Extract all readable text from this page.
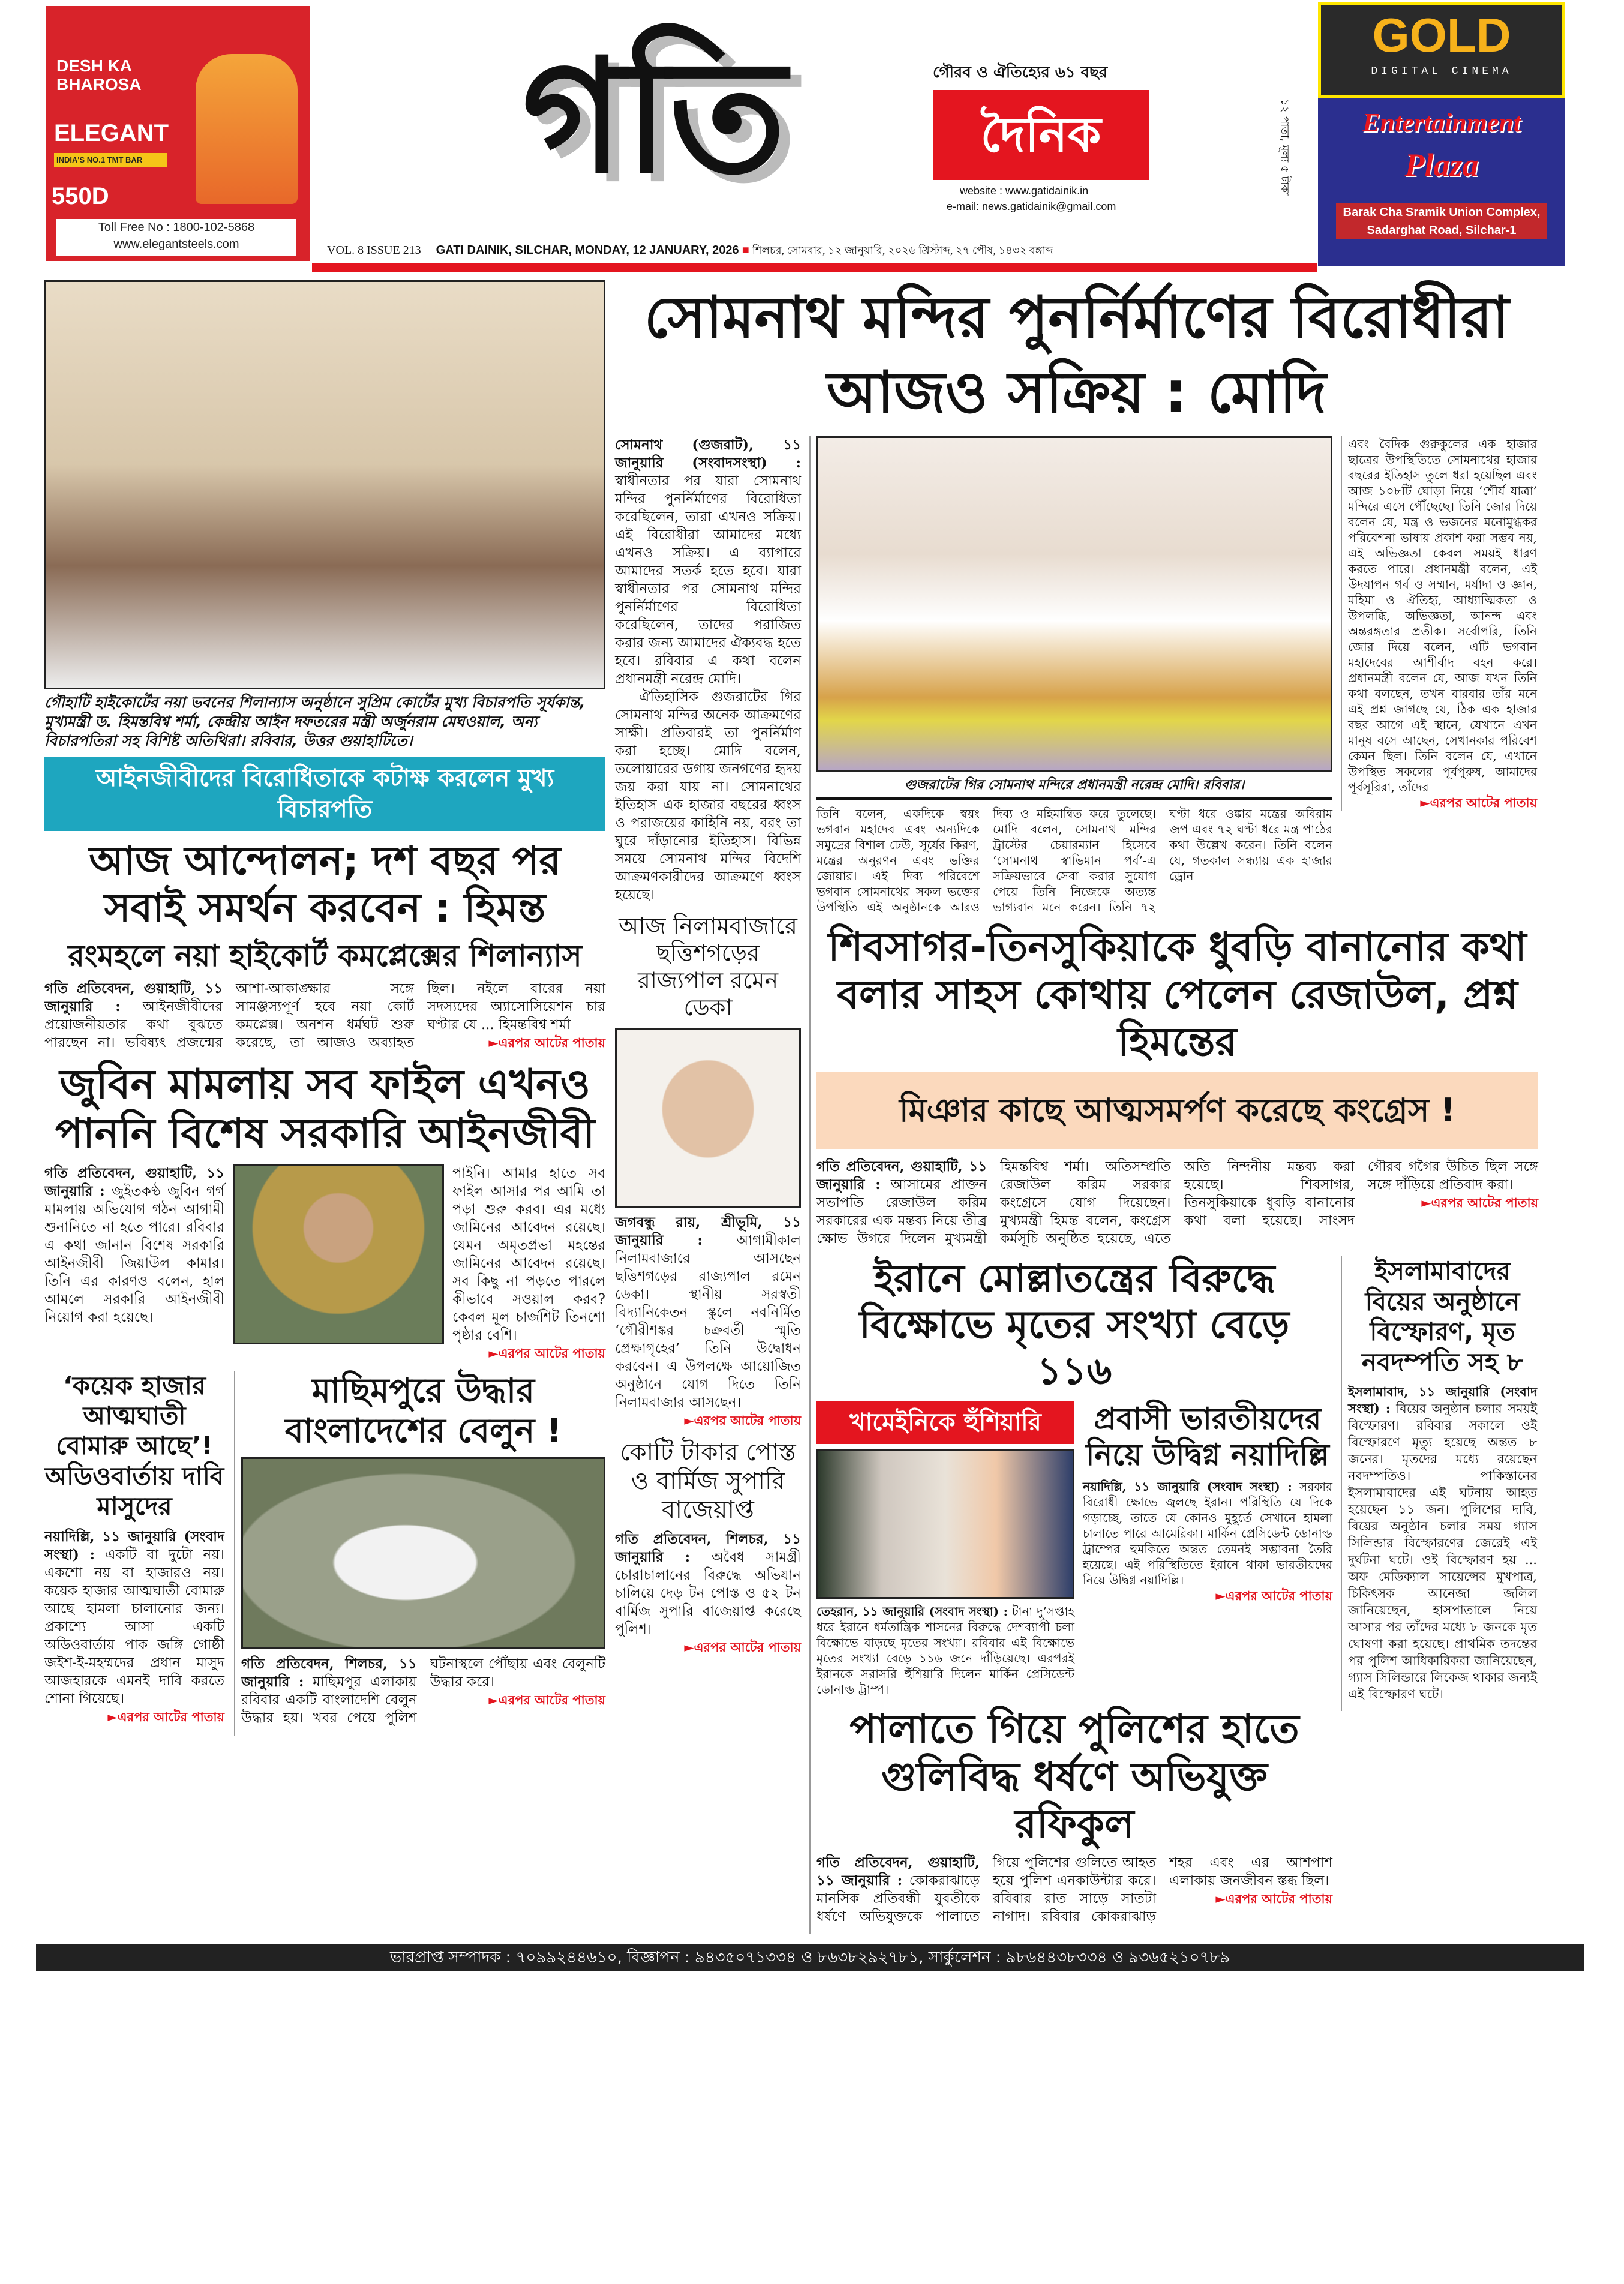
DESH KA BHAROSA
ELEGANT
INDIA'S NO.1 TMT BAR
550D
Toll Free No : 1800-102-5868
www.elegantsteels.com
গতি	গৌরব ও ঐতিহ্যের ৬১ বছর
দৈনিক
website : www.gatidainik.in
e-mail: news.gatidainik@gmail.com
১২ পাতা, মূল্য ৫ টাকা
GOLD
DIGITAL CINEMA
Entertainment
Plaza
Barak Cha Sramik Union Complex, Sadarghat Road, Silchar-1
VOL. 8 ISSUE 213 GATI DAINIK, SILCHAR, MONDAY, 12 JANUARY, 2026 ■ শিলচর, সোমবার, ১২ জানুয়ারি, ২০২৬ খ্রিস্টাব্দ, ২৭ পৌষ, ১৪৩২ বঙ্গাব্দ
গৌহাটি হাইকোর্টের নয়া ভবনের শিলান্যাস অনুষ্ঠানে সুপ্রিম কোর্টের মুখ্য বিচারপতি সূর্যকান্ত, মুখ্যমন্ত্রী ড. হিমন্তবিশ্ব শর্মা, কেন্দ্রীয় আইন দফতরের মন্ত্রী অর্জুনরাম মেঘওয়াল, অন্য বিচারপতিরা সহ বিশিষ্ট অতিথিরা। রবিবার, উত্তর গুয়াহাটিতে।
আইনজীবীদের বিরোধিতাকে কটাক্ষ করলেন মুখ্য বিচারপতি
আজ আন্দোলন; দশ বছর পর সবাই সমর্থন করবেন : হিমন্ত
রংমহলে নয়া হাইকোর্ট কমপ্লেক্সের শিলান্যাস
গতি প্রতিবেদন, গুয়াহাটি, ১১ জানুয়ারি : আইনজীবীদের প্রয়োজনীয়তার কথা বুঝতে পারছেন না। ভবিষ্যৎ প্রজন্মের আশা-আকাঙ্ক্ষার সঙ্গে সামঞ্জস্যপূর্ণ হবে নয়া কোর্ট কমপ্লেক্স। অনশন ধর্মঘট শুরু করেছে, তা আজও অব্যাহত ছিল। নইলে বারের নয়া সদস্যদের অ্যাসোসিয়েশন চার ঘণ্টার যে ... হিমন্তবিশ্ব শর্মা
►এরপর আটের পাতায়
জুবিন মামলায় সব ফাইল এখনও পাননি বিশেষ সরকারি আইনজীবী
গতি প্রতিবেদন, গুয়াহাটি, ১১ জানুয়ারি : জুইতকণ্ঠ জুবিন গর্গ মামলায় অভিযোগ গঠন আগামী শুনানিতে না হতে পারে। রবিবার এ কথা জানান বিশেষ সরকারি আইনজীবী জিয়াউল কামার। তিনি এর কারণও বলেন, হাল আমলে সরকারি আইনজীবী নিয়োগ করা হয়েছে।
পাইনি। আমার হাতে সব ফাইল আসার পর আমি তা পড়া শুরু করব। এর মধ্যে জামিনের আবেদন রয়েছে। যেমন অমৃতপ্রভা মহন্তের জামিনের আবেদন রয়েছে। সব কিছু না পড়তে পারলে কীভাবে সওয়াল করব? কেবল মূল চার্জশিট তিনশো পৃষ্ঠার বেশি।
►এরপর আটের পাতায়
‘কয়েক হাজার আত্মঘাতী বোমারু আছে’! অডিওবার্তায় দাবি মাসুদের
নয়াদিল্লি, ১১ জানুয়ারি (সংবাদ সংস্থা) : একটি বা দুটো নয়। একশো নয় বা হাজারও নয়। কয়েক হাজার আত্মঘাতী বোমারু আছে হামলা চালানোর জন্য। প্রকাশ্যে আসা একটি অডিওবার্তায় পাক জঙ্গি গোষ্ঠী জইশ-ই-মহম্মদের প্রধান মাসুদ আজহারকে এমনই দাবি করতে শোনা গিয়েছে।
►এরপর আটের পাতায়
মাছিমপুরে উদ্ধার বাংলাদেশের বেলুন !
গতি প্রতিবেদন, শিলচর, ১১ জানুয়ারি : মাছিমপুর এলাকায় রবিবার একটি বাংলাদেশি বেলুন উদ্ধার হয়। খবর পেয়ে পুলিশ ঘটনাস্থলে পৌঁছায় এবং বেলুনটি উদ্ধার করে।
►এরপর আটের পাতায়
সোমনাথ মন্দির পুনর্নির্মাণের বিরোধীরা আজও সক্রিয় : মোদি
সোমনাথ (গুজরাট), ১১ জানুয়ারি (সংবাদসংস্থা) : স্বাধীনতার পর যারা সোমনাথ মন্দির পুনর্নির্মাণের বিরোধিতা করেছিলেন, তারা এখনও সক্রিয়। এই বিরোধীরা আমাদের মধ্যে এখনও সক্রিয়। এ ব্যাপারে আমাদের সতর্ক হতে হবে। যারা স্বাধীনতার পর সোমনাথ মন্দির পুনর্নির্মাণের বিরোধিতা করেছিলেন, তাদের পরাজিত করার জন্য আমাদের ঐক্যবদ্ধ হতে হবে। রবিবার এ কথা বলেন প্রধানমন্ত্রী নরেন্দ্র মোদি।
ঐতিহাসিক গুজরাটের গির সোমনাথ মন্দির অনেক আক্রমণের সাক্ষী। প্রতিবারই তা পুনর্নির্মাণ করা হচ্ছে। মোদি বলেন, তলোয়ারের ডগায় জনগণের হৃদয় জয় করা যায় না। সোমনাথের ইতিহাস এক হাজার বছরের ধ্বংস ও পরাজয়ের কাহিনি নয়, বরং তা ঘুরে দাঁড়ানোর ইতিহাস। বিভিন্ন সময়ে সোমনাথ মন্দির বিদেশি আক্রমণকারীদের আক্রমণে ধ্বংস হয়েছে।
আজ নিলামবাজারে ছত্তিশগড়ের রাজ্যপাল রমেন ডেকা
জগবন্ধু রায়, শ্রীভূমি, ১১ জানুয়ারি : আগামীকাল নিলামবাজারে আসছেন ছত্তিশগড়ের রাজ্যপাল রমেন ডেকা। স্থানীয় সরস্বতী বিদ্যানিকেতন স্কুলে নবনির্মিত ‘গৌরীশঙ্কর চক্রবর্তী স্মৃতি প্রেক্ষাগৃহের’ তিনি উদ্বোধন করবেন। এ উপলক্ষে আয়োজিত অনুষ্ঠানে যোগ দিতে তিনি নিলামবাজার আসছেন।
►এরপর আটের পাতায়
কোটি টাকার পোস্ত ও বার্মিজ সুপারি বাজেয়াপ্ত
গতি প্রতিবেদন, শিলচর, ১১ জানুয়ারি : অবৈধ সামগ্রী চোরাচালানের বিরুদ্ধে অভিযান চালিয়ে দেড় টন পোস্ত ও ৫২ টন বার্মিজ সুপারি বাজেয়াপ্ত করেছে পুলিশ।
►এরপর আটের পাতায়
গুজরাটের গির সোমনাথ মন্দিরে প্রধানমন্ত্রী নরেন্দ্র মোদি। রবিবার।
তিনি বলেন, একদিকে স্বয়ং ভগবান মহাদেব এবং অন্যদিকে সমুদ্রের বিশাল ঢেউ, সূর্যের কিরণ, মন্ত্রের অনুরণন এবং ভক্তির জোয়ার। এই দিব্য পরিবেশে ভগবান সোমনাথের সকল ভক্তের উপস্থিতি এই অনুষ্ঠানকে আরও দিব্য ও মহিমান্বিত করে তুলেছে। মোদি বলেন, সোমনাথ মন্দির ট্রাস্টের চেয়ারম্যান হিসেবে ‘সোমনাথ স্বাভিমান পর্ব’-এ সক্রিয়ভাবে সেবা করার সুযোগ পেয়ে তিনি নিজেকে অত্যন্ত ভাগ্যবান মনে করেন। তিনি ৭২ ঘণ্টা ধরে ওঙ্কার মন্ত্রের অবিরাম জপ এবং ৭২ ঘণ্টা ধরে মন্ত্র পাঠের কথা উল্লেখ করেন। তিনি বলেন যে, গতকাল সন্ধ্যায় এক হাজার ড্রোন
এবং বৈদিক গুরুকুলের এক হাজার ছাত্রের উপস্থিতিতে সোমনাথের হাজার বছরের ইতিহাস তুলে ধরা হয়েছিল এবং আজ ১০৮টি ঘোড়া নিয়ে ‘শৌর্য যাত্রা’ মন্দিরে এসে পৌঁছেছে। তিনি জোর দিয়ে বলেন যে, মন্ত্র ও ভজনের মনোমুগ্ধকর পরিবেশনা ভাষায় প্রকাশ করা সম্ভব নয়, এই অভিজ্ঞতা কেবল সময়ই ধারণ করতে পারে। প্রধানমন্ত্রী বলেন, এই উদযাপন গর্ব ও সম্মান, মর্যাদা ও জ্ঞান, মহিমা ও ঐতিহ্য, আধ্যাত্মিকতা ও উপলব্ধি, অভিজ্ঞতা, আনন্দ এবং অন্তরঙ্গতার প্রতীক। সর্বোপরি, তিনি জোর দিয়ে বলেন, এটি ভগবান মহাদেবের আশীর্বাদ বহন করে। প্রধানমন্ত্রী বলেন যে, আজ যখন তিনি কথা বলছেন, তখন বারবার তাঁর মনে এই প্রশ্ন জাগছে যে, ঠিক এক হাজার বছর আগে এই স্থানে, যেখানে এখন মানুষ বসে আছেন, সেখানকার পরিবেশ কেমন ছিল। তিনি বলেন যে, এখানে উপস্থিত সকলের পূর্বপুরুষ, আমাদের পূর্বসূরিরা, তাঁদের
►এরপর আটের পাতায়
শিবসাগর-তিনসুকিয়াকে ধুবড়ি বানানোর কথা বলার সাহস কোথায় পেলেন রেজাউল, প্রশ্ন হিমন্তের
মিঞার কাছে আত্মসমর্পণ করেছে কংগ্রেস !
গতি প্রতিবেদন, গুয়াহাটি, ১১ জানুয়ারি : আসামের প্রাক্তন সভাপতি রেজাউল করিম সরকারের এক মন্তব্য নিয়ে তীব্র ক্ষোভ উগরে দিলেন মুখ্যমন্ত্রী হিমন্তবিশ্ব শর্মা। অতিসম্প্রতি রেজাউল করিম সরকার কংগ্রেসে যোগ দিয়েছেন। মুখ্যমন্ত্রী হিমন্ত বলেন, কংগ্রেস কর্মসূচি অনুষ্ঠিত হয়েছে, এতে অতি নিন্দনীয় মন্তব্য করা হয়েছে। শিবসাগর, তিনসুকিয়াকে ধুবড়ি বানানোর কথা বলা হয়েছে। সাংসদ গৌরব গগৈর উচিত ছিল সঙ্গে সঙ্গে দাঁড়িয়ে প্রতিবাদ করা।
►এরপর আটের পাতায়
ইরানে মোল্লাতন্ত্রের বিরুদ্ধে বিক্ষোভে মৃতের সংখ্যা বেড়ে ১১৬
খামেইনিকে হুঁশিয়ারি
তেহরান, ১১ জানুয়ারি (সংবাদ সংস্থা) : টানা দু’সপ্তাহ ধরে ইরানে ধর্মতান্ত্রিক শাসনের বিরুদ্ধে দেশব্যাপী চলা বিক্ষোভে বাড়ছে মৃতের সংখ্যা। রবিবার এই বিক্ষোভে মৃতের সংখ্যা বেড়ে ১১৬ জনে দাঁড়িয়েছে। এরপরই ইরানকে সরাসরি হুঁশিয়ারি দিলেন মার্কিন প্রেসিডেন্ট ডোনাল্ড ট্রাম্প।
প্রবাসী ভারতীয়দের নিয়ে উদ্বিগ্ন নয়াদিল্লি
নয়াদিল্লি, ১১ জানুয়ারি (সংবাদ সংস্থা) : সরকার বিরোধী ক্ষোভে জ্বলছে ইরান। পরিস্থিতি যে দিকে গড়াচ্ছে, তাতে যে কোনও মুহূর্তে সেখানে হামলা চালাতে পারে আমেরিকা। মার্কিন প্রেসিডেন্ট ডোনাল্ড ট্রাম্পের হুমকিতে অন্তত তেমনই সম্ভাবনা তৈরি হয়েছে। এই পরিস্থিতিতে ইরানে থাকা ভারতীয়দের নিয়ে উদ্বিগ্ন নয়াদিল্লি।
►এরপর আটের পাতায়
পালাতে গিয়ে পুলিশের হাতে গুলিবিদ্ধ ধর্ষণে অভিযুক্ত রফিকুল
গতি প্রতিবেদন, গুয়াহাটি, ১১ জানুয়ারি : কোকরাঝাড়ে মানসিক প্রতিবন্ধী যুবতীকে ধর্ষণে অভিযুক্তকে পালাতে গিয়ে পুলিশের গুলিতে আহত হয়ে পুলিশ এনকাউন্টার করে। রবিবার রাত সাড়ে সাতটা নাগাদ। রবিবার কোকরাঝাড় শহর এবং এর আশপাশ এলাকায় জনজীবন স্তব্ধ ছিল।
►এরপর আটের পাতায়
ইসলামাবাদের বিয়ের অনুষ্ঠানে বিস্ফোরণ, মৃত নবদম্পতি সহ ৮
ইসলামাবাদ, ১১ জানুয়ারি (সংবাদ সংস্থা) : বিয়ের অনুষ্ঠান চলার সময়ই বিস্ফোরণ। রবিবার সকালে ওই বিস্ফোরণে মৃত্যু হয়েছে অন্তত ৮ জনের। মৃতদের মধ্যে রয়েছেন নবদম্পতিও। পাকিস্তানের ইসলামাবাদের এই ঘটনায় আহত হয়েছেন ১১ জন। পুলিশের দাবি, বিয়ের অনুষ্ঠান চলার সময় গ্যাস সিলিন্ডার বিস্ফোরণের জেরেই এই দুর্ঘটনা ঘটে। ওই বিস্ফোরণ হয় ... অফ মেডিক্যাল সায়েন্সের মুখপাত্র, চিকিৎসক আনেজা জলিল জানিয়েছেন, হাসপাতালে নিয়ে আসার পর তাঁদের মধ্যে ৮ জনকে মৃত ঘোষণা করা হয়েছে। প্রাথমিক তদন্তের পর পুলিশ আধিকারিকরা জানিয়েছেন, গ্যাস সিলিন্ডারে লিকেজ থাকার জন্যই এই বিস্ফোরণ ঘটে।
ভারপ্রাপ্ত সম্পাদক : ৭০৯৯২৪৪৬১০, বিজ্ঞাপন : ৯৪৩৫০৭১৩৩৪ ও ৮৬৩৮২৯২৭৮১, সার্কুলেশন : ৯৮৬৪৪৩৮৩৩৪ ও ৯৩৬৫২১০৭৮৯
